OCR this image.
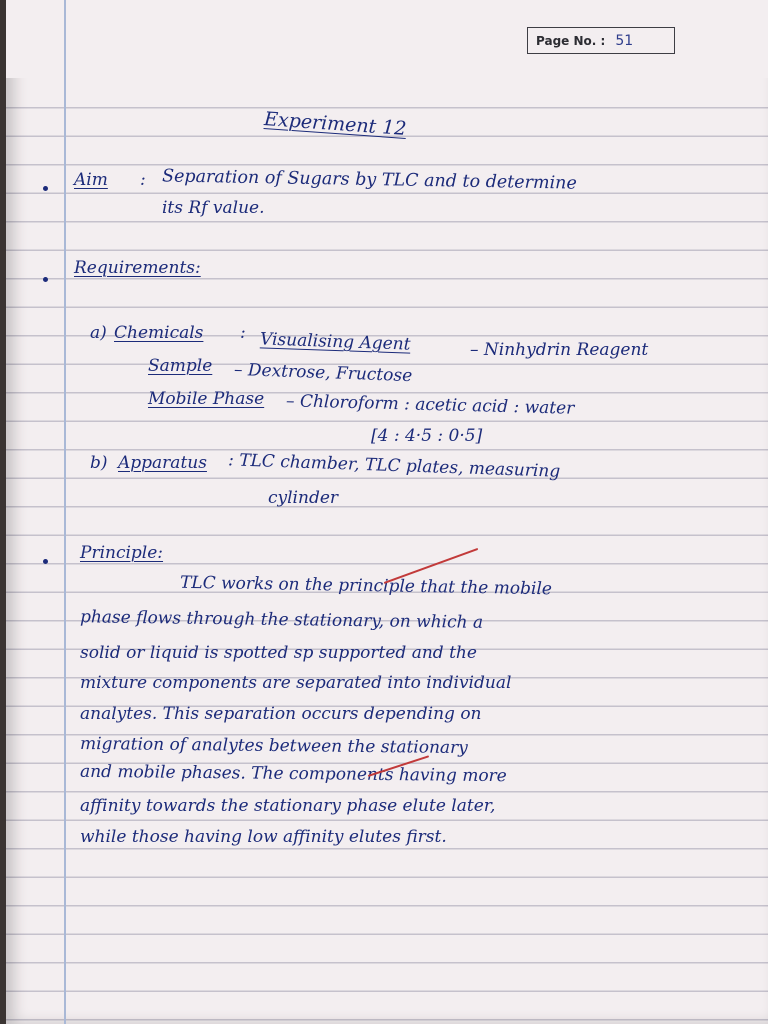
Page No. : 51
Experiment 12
Aim : Separation of Sugars by TLC and to determine
its Rf value.
Requirements:
a) Chemicals : Visualising Agent	– Ninhydrin Reagent
Sample – Dextrose, Fructose
Mobile Phase – Chloroform : acetic acid : water
[4 : 4·5 : 0·5]
b) Apparatus : TLC chamber, TLC plates, measuring
cylinder
Principle:
TLC works on the principle that the mobile
phase flows through the stationary, on which a
solid or liquid is spotted sp supported and the
mixture components are separated into individual
analytes. This separation occurs depending on
migration of analytes between the stationary
and mobile phases. The components having more
affinity towards the stationary phase elute later,
while those having low affinity elutes first.
